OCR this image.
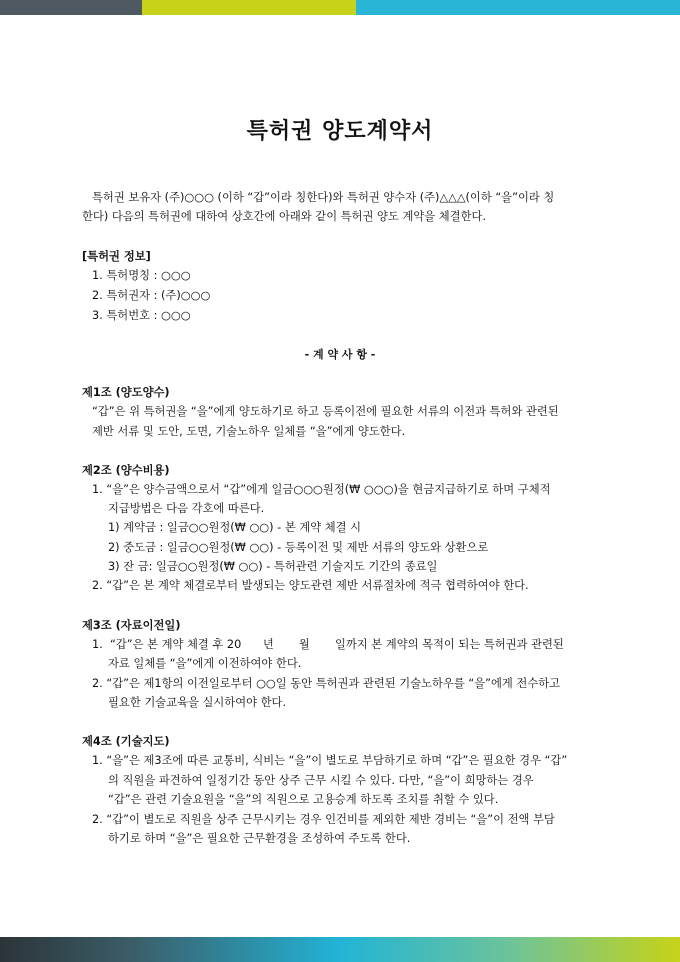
특허권 양도계약서
특허권 보유자 (주)○○○ (이하 “갑”이라 칭한다)와 특허권 양수자 (주)△△△(이하 “을”이라 칭
한다) 다음의 특허권에 대하여 상호간에 아래와 같이 특허권 양도 계약을 체결한다.
[특허권 정보]
1. 특허명칭 : ○○○
2. 특허권자 : (주)○○○
3. 특허번호 : ○○○
- 계 약 사 항 -
제1조 (양도양수)
“갑”은 위 특허권을 “을”에게 양도하기로 하고 등록이전에 필요한 서류의 이전과 특허와 관련된
제반 서류 및 도안, 도면, 기술노하우 일체를 “을”에게 양도한다.
제2조 (양수비용)
1. “을”은 양수금액으로서 “갑”에게 일금○○○원정(₩ ○○○)을 현금지급하기로 하며 구체적
지급방법은 다음 각호에 따른다.
1) 계약금 : 일금○○원정(₩ ○○) - 본 계약 체결 시
2) 중도금 : 일금○○원정(₩ ○○) - 등록이전 및 제반 서류의 양도와 상환으로
3) 잔 금: 일금○○원정(₩ ○○) - 특허관련 기술지도 기간의 종료일
2. “갑”은 본 계약 체결로부터 발생되는 양도관련 제반 서류절차에 적극 협력하여야 한다.
제3조 (자료이전일)
1.  “갑”은 본 계약 체결 후 20      년       월       일까지 본 계약의 목적이 되는 특허권과 관련된
자료 일체를 “을”에게 이전하여야 한다.
2. “갑”은 제1항의 이전일로부터 ○○일 동안 특허권과 관련된 기술노하우를 “을”에게 전수하고
필요한 기술교육을 실시하여야 한다.
제4조 (기술지도)
1. “을”은 제3조에 따른 교통비, 식비는 “을”이 별도로 부담하기로 하며 “갑”은 필요한 경우 “갑”
의 직원을 파견하여 일정기간 동안 상주 근무 시킬 수 있다. 다만, “을”이 희망하는 경우
“갑”은 관련 기술요원을 “을”의 직원으로 고용승계 하도록 조치를 취할 수 있다.
2. “갑”이 별도로 직원을 상주 근무시키는 경우 인건비를 제외한 제반 경비는 “을”이 전액 부담
하기로 하며 “을”은 필요한 근무환경을 조성하여 주도록 한다.
